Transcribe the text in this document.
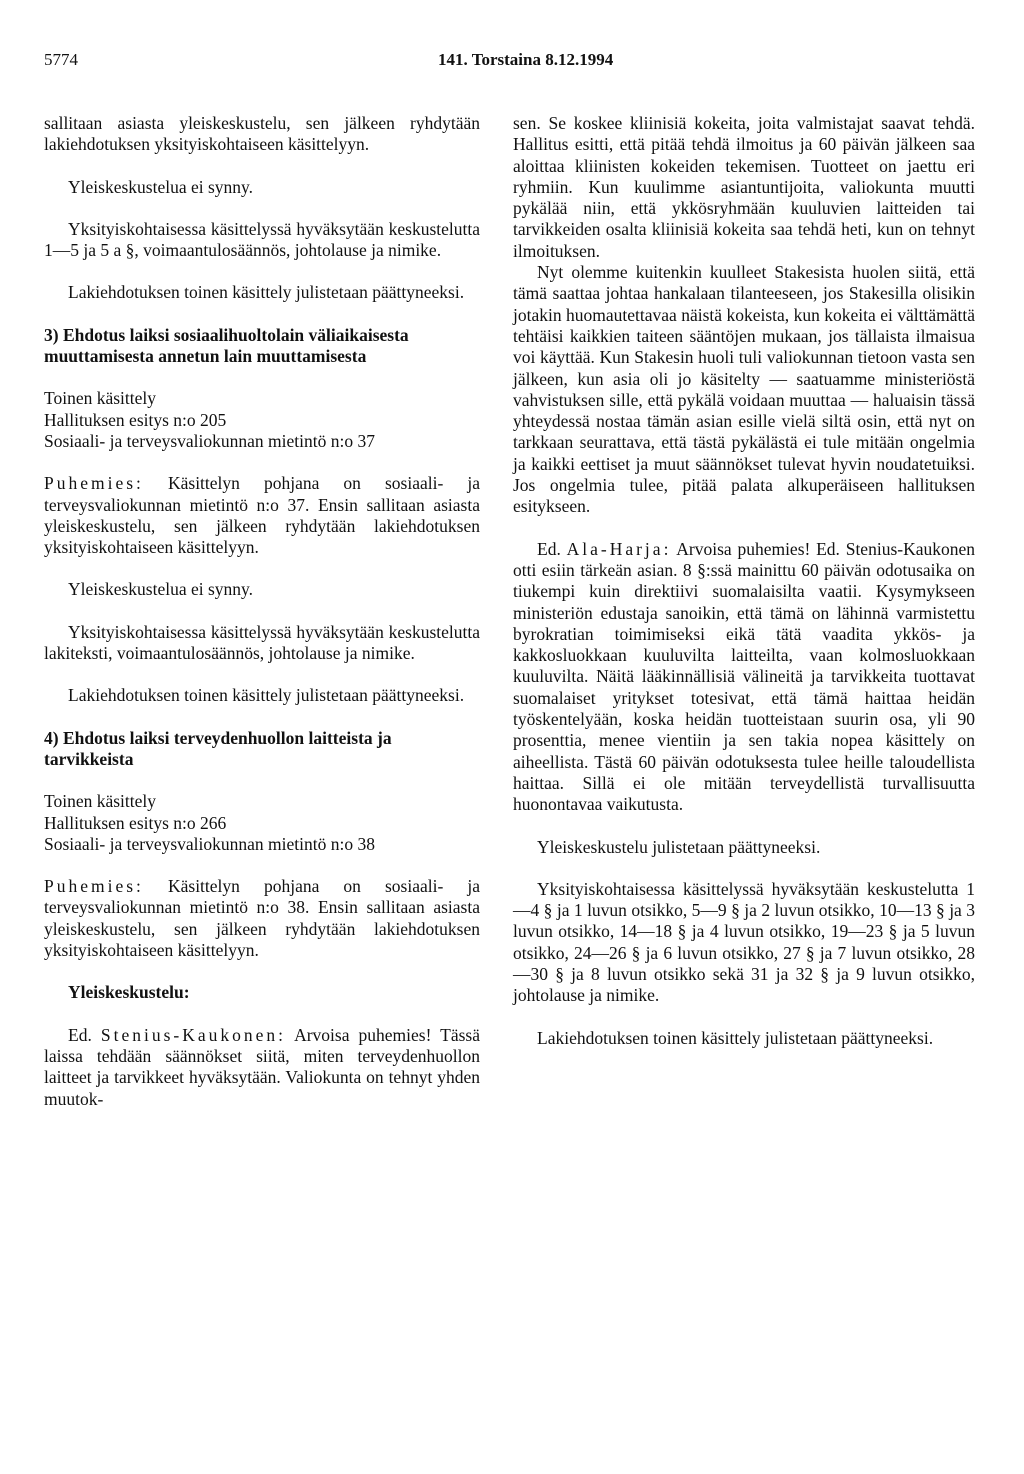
5774	141. Torstaina 8.12.1994

sallitaan asiasta yleiskeskustelu, sen jälkeen ryhdytään lakiehdotuksen yksityiskohtaiseen käsittelyyn.

Yleiskeskustelua ei synny.

Yksityiskohtaisessa käsittelyssä hyväksytään keskustelutta 1—5 ja 5 a §, voimaantulosäännös, johtolause ja nimike.

Lakiehdotuksen toinen käsittely julistetaan päättyneeksi.

3) Ehdotus laiksi sosiaalihuoltolain väliaikaisesta muuttamisesta annetun lain muuttamisesta

Toinen käsittely

Hallituksen esitys n:o 205

Sosiaali- ja terveysvaliokunnan mietintö n:o 37

Puhemies: Käsittelyn pohjana on sosiaali- ja terveysvaliokunnan mietintö n:o 37. Ensin sallitaan asiasta yleiskeskustelu, sen jälkeen ryhdytään lakiehdotuksen yksityiskohtaiseen käsittelyyn.

Yleiskeskustelua ei synny.

Yksityiskohtaisessa käsittelyssä hyväksytään keskustelutta lakiteksti, voimaantulosäännös, johtolause ja nimike.

Lakiehdotuksen toinen käsittely julistetaan päättyneeksi.

4) Ehdotus laiksi terveydenhuollon laitteista ja tarvikkeista

Toinen käsittely

Hallituksen esitys n:o 266

Sosiaali- ja terveysvaliokunnan mietintö n:o 38

Puhemies: Käsittelyn pohjana on sosiaali- ja terveysvaliokunnan mietintö n:o 38. Ensin sallitaan asiasta yleiskeskustelu, sen jälkeen ryhdytään lakiehdotuksen yksityiskohtaiseen käsittelyyn.

Yleiskeskustelu:

Ed. Stenius-Kaukonen: Arvoisa puhemies! Tässä laissa tehdään säännökset siitä, miten terveydenhuollon laitteet ja tarvikkeet hyväksytään. Valiokunta on tehnyt yhden muutok-

sen. Se koskee kliinisiä kokeita, joita valmistajat saavat tehdä. Hallitus esitti, että pitää tehdä ilmoitus ja 60 päivän jälkeen saa aloittaa kliinisten kokeiden tekemisen. Tuotteet on jaettu eri ryhmiin. Kun kuulimme asiantuntijoita, valiokunta muutti pykälää niin, että ykkösryhmään kuuluvien laitteiden tai tarvikkeiden osalta kliinisiä kokeita saa tehdä heti, kun on tehnyt ilmoituksen.

Nyt olemme kuitenkin kuulleet Stakesista huolen siitä, että tämä saattaa johtaa hankalaan tilanteeseen, jos Stakesilla olisikin jotakin huomautettavaa näistä kokeista, kun kokeita ei välttämättä tehtäisi kaikkien taiteen sääntöjen mukaan, jos tällaista ilmaisua voi käyttää. Kun Stakesin huoli tuli valiokunnan tietoon vasta sen jälkeen, kun asia oli jo käsitelty — saatuamme ministeriöstä vahvistuksen sille, että pykälä voidaan muuttaa — haluaisin tässä yhteydessä nostaa tämän asian esille vielä siltä osin, että nyt on tarkkaan seurattava, että tästä pykälästä ei tule mitään ongelmia ja kaikki eettiset ja muut säännökset tulevat hyvin noudatetuiksi. Jos ongelmia tulee, pitää palata alkuperäiseen hallituksen esitykseen.

Ed. Ala-Harja: Arvoisa puhemies! Ed. Stenius-Kaukonen otti esiin tärkeän asian. 8 §:ssä mainittu 60 päivän odotusaika on tiukempi kuin direktiivi suomalaisilta vaatii. Kysymykseen ministeriön edustaja sanoikin, että tämä on lähinnä varmistettu byrokratian toimimiseksi eikä tätä vaadita ykkös- ja kakkosluokkaan kuuluvilta laitteilta, vaan kolmosluokkaan kuuluvilta. Näitä lääkinnällisiä välineitä ja tarvikkeita tuottavat suomalaiset yritykset totesivat, että tämä haittaa heidän työskentelyään, koska heidän tuotteistaan suurin osa, yli 90 prosenttia, menee vientiin ja sen takia nopea käsittely on aiheellista. Tästä 60 päivän odotuksesta tulee heille taloudellista haittaa. Sillä ei ole mitään terveydellistä turvallisuutta huonontavaa vaikutusta.

Yleiskeskustelu julistetaan päättyneeksi.

Yksityiskohtaisessa käsittelyssä hyväksytään keskustelutta 1—4 § ja 1 luvun otsikko, 5—9 § ja 2 luvun otsikko, 10—13 § ja 3 luvun otsikko, 14—18 § ja 4 luvun otsikko, 19—23 § ja 5 luvun otsikko, 24—26 § ja 6 luvun otsikko, 27 § ja 7 luvun otsikko, 28—30 § ja 8 luvun otsikko sekä 31 ja 32 § ja 9 luvun otsikko, johtolause ja nimike.

Lakiehdotuksen toinen käsittely julistetaan päättyneeksi.
